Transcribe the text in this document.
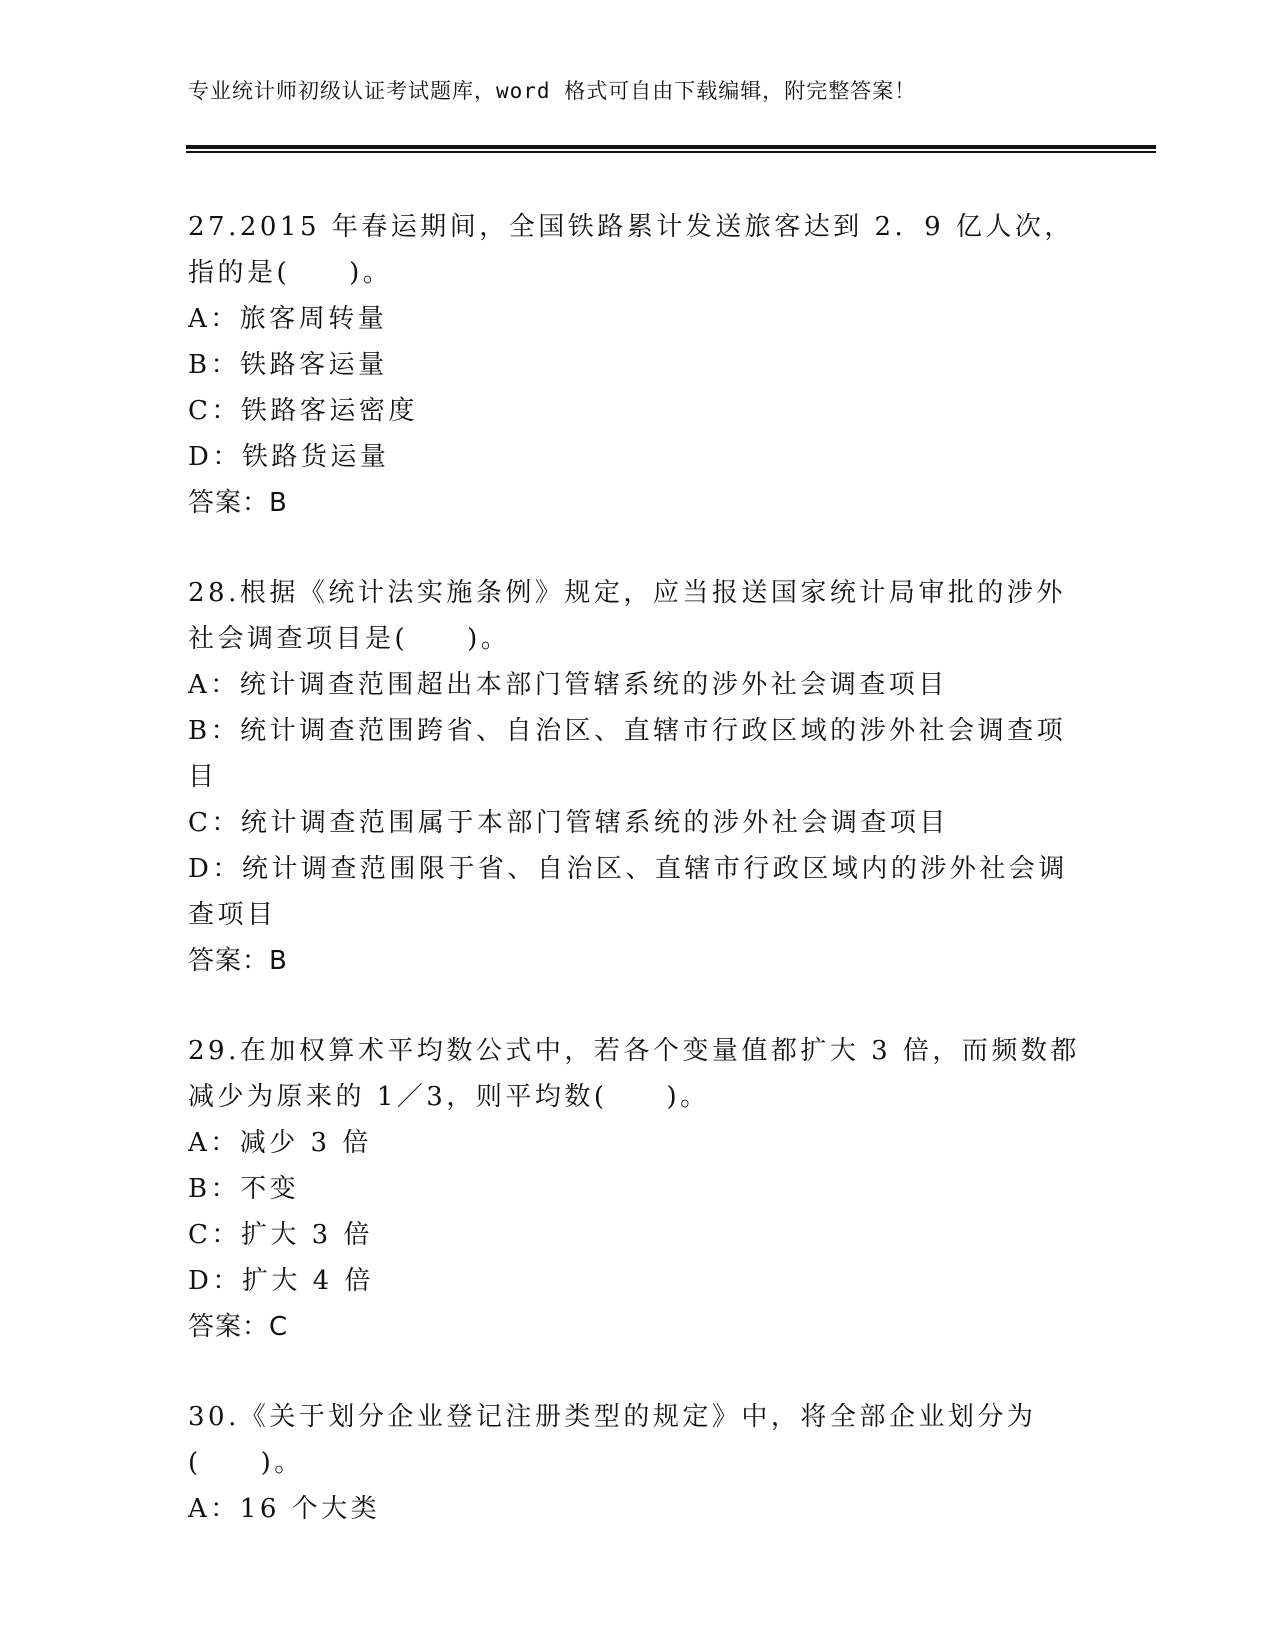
专业统计师初级认证考试题库，word 格式可自由下载编辑，附完整答案！
27.2015 年春运期间，全国铁路累计发送旅客达到 2．9 亿人次，指的是(　　)。
A：旅客周转量
B：铁路客运量
C：铁路客运密度
D：铁路货运量
答案：B
28.根据《统计法实施条例》规定，应当报送国家统计局审批的涉外社会调查项目是(　　)。
A：统计调查范围超出本部门管辖系统的涉外社会调查项目
B：统计调查范围跨省、自治区、直辖市行政区域的涉外社会调查项目
C：统计调查范围属于本部门管辖系统的涉外社会调查项目
D：统计调查范围限于省、自治区、直辖市行政区域内的涉外社会调查项目
答案：B
29.在加权算术平均数公式中，若各个变量值都扩大 3 倍，而频数都减少为原来的 1／3，则平均数(　　)。
A：减少 3 倍
B：不变
C：扩大 3 倍
D：扩大 4 倍
答案：C
30.《关于划分企业登记注册类型的规定》中，将全部企业划分为(　　)。
A：16 个大类
